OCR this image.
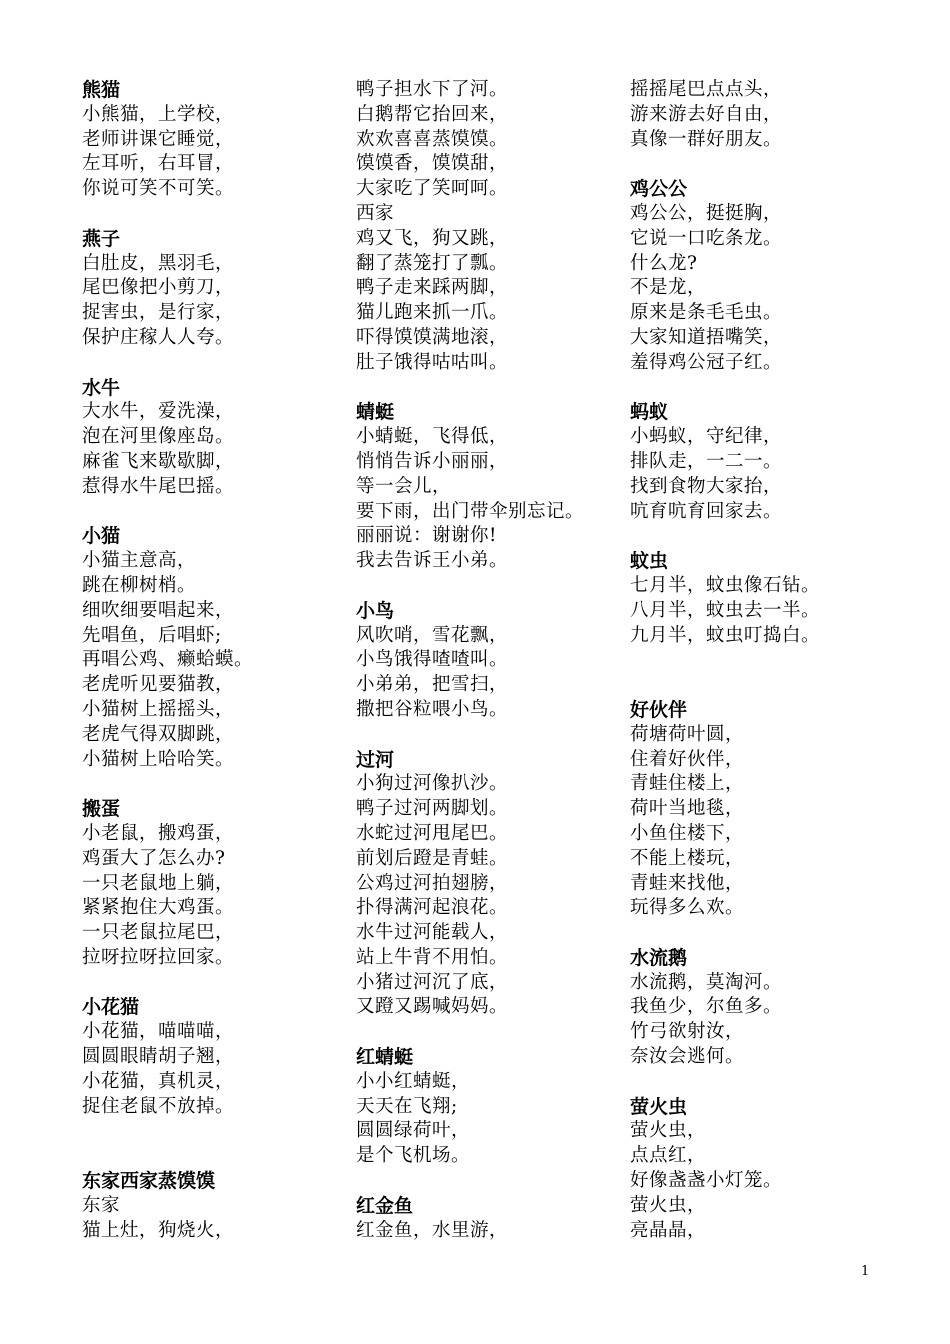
熊猫
小熊猫，上学校，
老师讲课它睡觉，
左耳听，右耳冒，
你说可笑不可笑。
燕子
白肚皮，黑羽毛，
尾巴像把小剪刀，
捉害虫，是行家，
保护庄稼人人夸。
水牛
大水牛，爱洗澡，
泡在河里像座岛。
麻雀飞来歇歇脚，
惹得水牛尾巴摇。
小猫
小猫主意高，
跳在柳树梢。
细吹细要唱起来，
先唱鱼，后唱虾;
再唱公鸡、癞蛤蟆。
老虎听见要猫教，
小猫树上摇摇头，
老虎气得双脚跳，
小猫树上哈哈笑。
搬蛋
小老鼠，搬鸡蛋，
鸡蛋大了怎么办?
一只老鼠地上躺，
紧紧抱住大鸡蛋。
一只老鼠拉尾巴，
拉呀拉呀拉回家。
小花猫
小花猫，喵喵喵，
圆圆眼睛胡子翘，
小花猫，真机灵，
捉住老鼠不放掉。
东家西家蒸馍馍
东家
猫上灶，狗烧火，
鸭子担水下了河。
白鹅帮它抬回来，
欢欢喜喜蒸馍馍。
馍馍香，馍馍甜，
大家吃了笑呵呵。
西家
鸡又飞，狗又跳，
翻了蒸笼打了瓢。
鸭子走来踩两脚，
猫儿跑来抓一爪。
吓得馍馍满地滚，
肚子饿得咕咕叫。
蜻蜓
小蜻蜓，飞得低，
悄悄告诉小丽丽，
等一会儿，
要下雨，出门带伞别忘记。
丽丽说：谢谢你!
我去告诉王小弟。
小鸟
风吹哨，雪花飘，
小鸟饿得喳喳叫。
小弟弟，把雪扫，
撒把谷粒喂小鸟。
过河
小狗过河像扒沙。
鸭子过河两脚划。
水蛇过河甩尾巴。
前划后蹬是青蛙。
公鸡过河拍翅膀，
扑得满河起浪花。
水牛过河能载人，
站上牛背不用怕。
小猪过河沉了底，
又蹬又踢喊妈妈。
红蜻蜓
小小红蜻蜓，
天天在飞翔;
圆圆绿荷叶，
是个飞机场。
红金鱼
红金鱼，水里游，
摇摇尾巴点点头，
游来游去好自由，
真像一群好朋友。
鸡公公
鸡公公，挺挺胸，
它说一口吃条龙。
什么龙?
不是龙，
原来是条毛毛虫。
大家知道捂嘴笑，
羞得鸡公冠子红。
蚂蚁
小蚂蚁，守纪律，
排队走，一二一。
找到食物大家抬，
吭育吭育回家去。
蚊虫
七月半，蚊虫像石钻。
八月半，蚊虫去一半。
九月半，蚊虫叮捣白。
好伙伴
荷塘荷叶圆，
住着好伙伴，
青蛙住楼上，
荷叶当地毯，
小鱼住楼下，
不能上楼玩，
青蛙来找他，
玩得多么欢。
水流鹅
水流鹅，莫淘河。
我鱼少，尔鱼多。
竹弓欲射汝，
奈汝会逃何。
萤火虫
萤火虫，
点点红，
好像盏盏小灯笼。
萤火虫，
亮晶晶，
1
